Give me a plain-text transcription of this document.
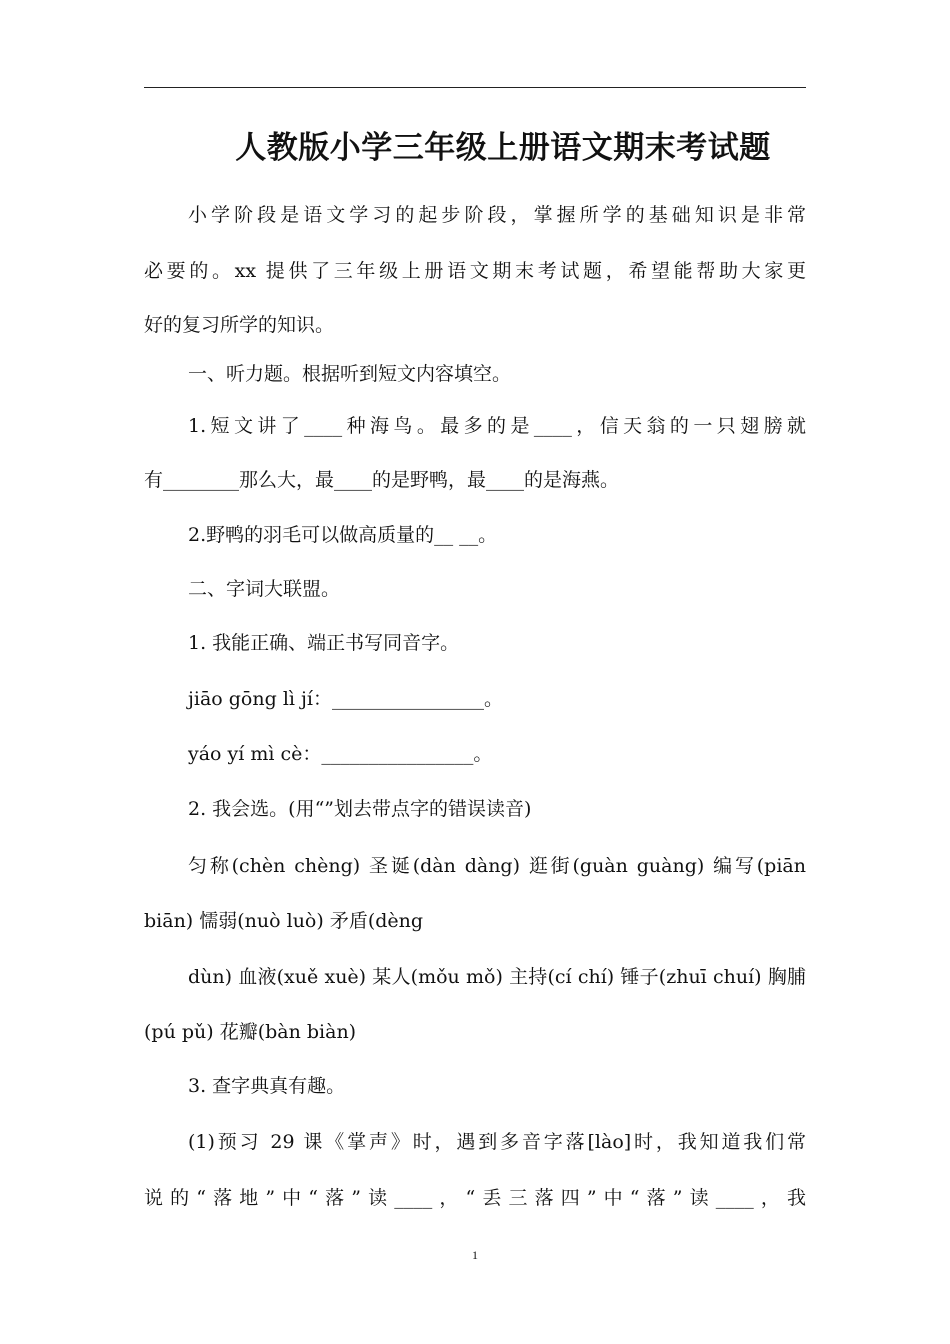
人教版小学三年级上册语文期末考试题
小学阶段是语文学习的起步阶段，掌握所学的基础知识是非常
必要的。xx 提供了三年级上册语文期末考试题，希望能帮助大家更
好的复习所学的知识。
一、听力题。根据听到短文内容填空。
1.短文讲了____种海鸟。最多的是____，信天翁的一只翅膀就
有________那么大，最____的是野鸭，最____的是海燕。
2.野鸭的羽毛可以做高质量的__ __。
二、字词大联盟。
1. 我能正确、端正书写同音字。
jiāo gōng lì jí：________________。
yáo yí mì cè：________________。
2. 我会选。(用“”划去带点字的错误读音)
匀称(chèn chèng) 圣诞(dàn dàng) 逛街(guàn guàng) 编写(piān
biān) 懦弱(nuò luò) 矛盾(dèng
dùn) 血液(xuě xuè) 某人(mǒu mǒ) 主持(cí chí) 锤子(zhuī chuí) 胸脯
(pú pǔ) 花瓣(bàn biàn)
3. 查字典真有趣。
(1)预习 29 课《掌声》时，遇到多音字落[lào]时，我知道我们常
说的“落地”中“落”读____，“丢三落四”中“落”读____，我
1
